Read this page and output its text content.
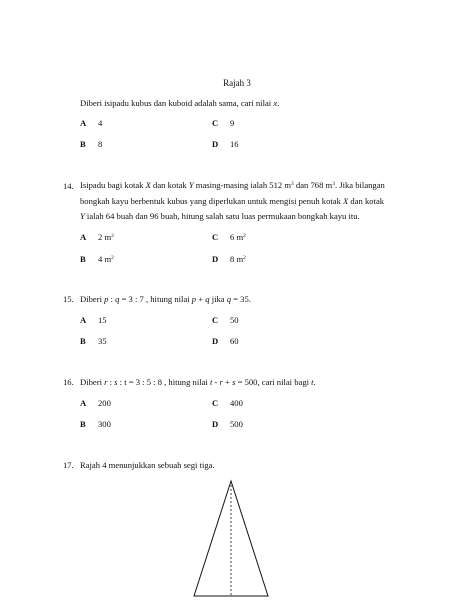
Rajah 3
Diberi isipadu kubus dan kuboid adalah sama, cari nilai x.
A 4	C 9
B 8	D 16
14. Isipadu bagi kotak X dan kotak Y masing-masing ialah 512 $m^3$ dan 768 $m^3$. Jika bilangan
bongkah kayu berbentuk kubus yang diperlukan untuk mengisi penuh kotak X dan kotak
Y ialah 64 buah dan 96 buah, hitung salah satu luas permukaan bongkah kayu itu.
A 2 $m^2$	C 6 $m^2$
B 4 $m^2$	D 8 $m^2$
15. Diberi p : q = 3 : 7 , hitung nilai p + q jika q = 35.
A 15	C 50
B 35	D 60
16. Diberi r : s : t = 3 : 5 : 8 , hitung nilai t - r + s = 500, cari nilai bagi t.
A 200	C 400
B 300	D 500
17. Rajah 4 menunjukkan sebuah segi tiga.
